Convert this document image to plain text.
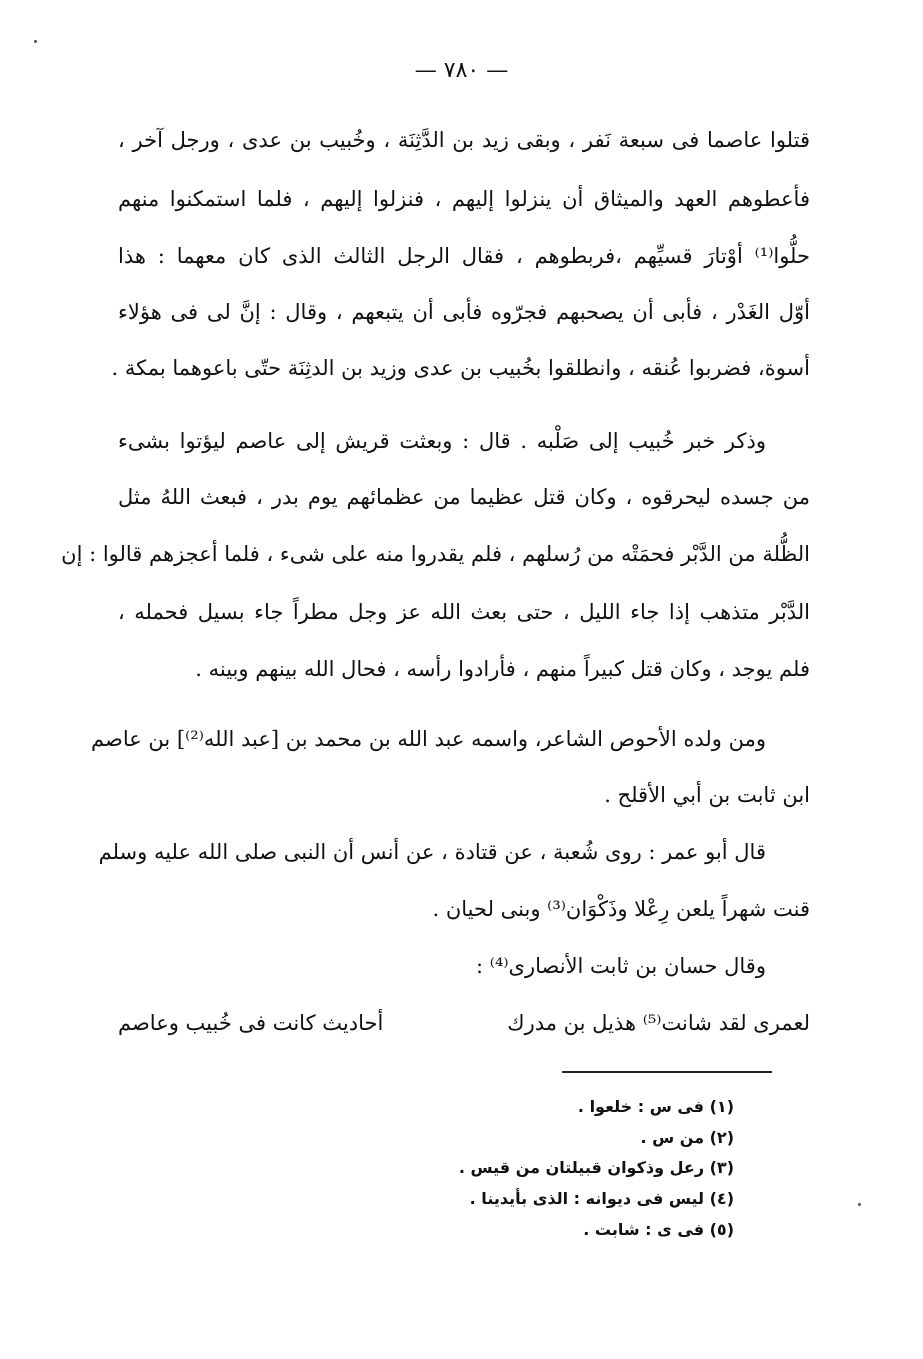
— ٧٨٠ —
قتلوا عاصما فى سبعة نَفر ، وبقى زيد بن الدَّثِنَة ، وخُبيب بن عدى ، ورجل آخر ،
فأعطوهم العهد والميثاق أن ينزلوا إليهم ، فنزلوا إليهم ، فلما استمكنوا منهم
حلُّوا⁽¹⁾ أوْتارَ قسيِّهم ،فربطوهم ، فقال الرجل الثالث الذى كان معهما : هذا
أوّل الغَدْر ، فأبى أن يصحبهم فجرّوه فأبى أن يتبعهم ، وقال : إنَّ لى فى هؤلاء
أسوة، فضربوا عُنقه ، وانطلقوا بخُبيب بن عدى وزيد بن الدثِنَة حتّى باعوهما بمكة .
وذكر خبر خُبيب إلى صَلْبه . قال : وبعثت قريش إلى عاصم ليؤتوا بشىء
من جسده ليحرقوه ، وكان قتل عظيما من عظمائهم يوم بدر ، فبعث اللهُ مثل
الظُّلة من الدَّبْر فحمَتْه من رُسلهم ، فلم يقدروا منه على شىء ، فلما أعجزهم قالوا : إن
الدَّبْر متذهب إذا جاء الليل ، حتى بعث الله عز وجل مطراً جاء بسيل فحمله ،
فلم يوجد ، وكان قتل كبيراً منهم ، فأرادوا رأسه ، فحال الله بينهم وبينه .
ومن ولده الأحوص الشاعر، واسمه عبد الله بن محمد بن [عبد الله⁽²⁾] بن عاصم
ابن ثابت بن أبي الأقلح .
قال أبو عمر : روى شُعبة ، عن قتادة ، عن أنس أن النبى صلى الله عليه وسلم
قنت شهراً يلعن رِعْلا وذَكْوَان⁽³⁾ وبنى لحيان .
وقال حسان بن ثابت الأنصارى⁽⁴⁾ :
لعمرى لقد شانت⁽⁵⁾ هذيل بن مدرك
أحاديث كانت فى خُبيب وعاصم
(١) فى س : خلعوا .
(٢) من س .
(٣) رعل وذكوان قبيلتان من قيس .
(٤) ليس فى ديوانه : الذى بأيدينا .
(٥) فى ى : شابت .
